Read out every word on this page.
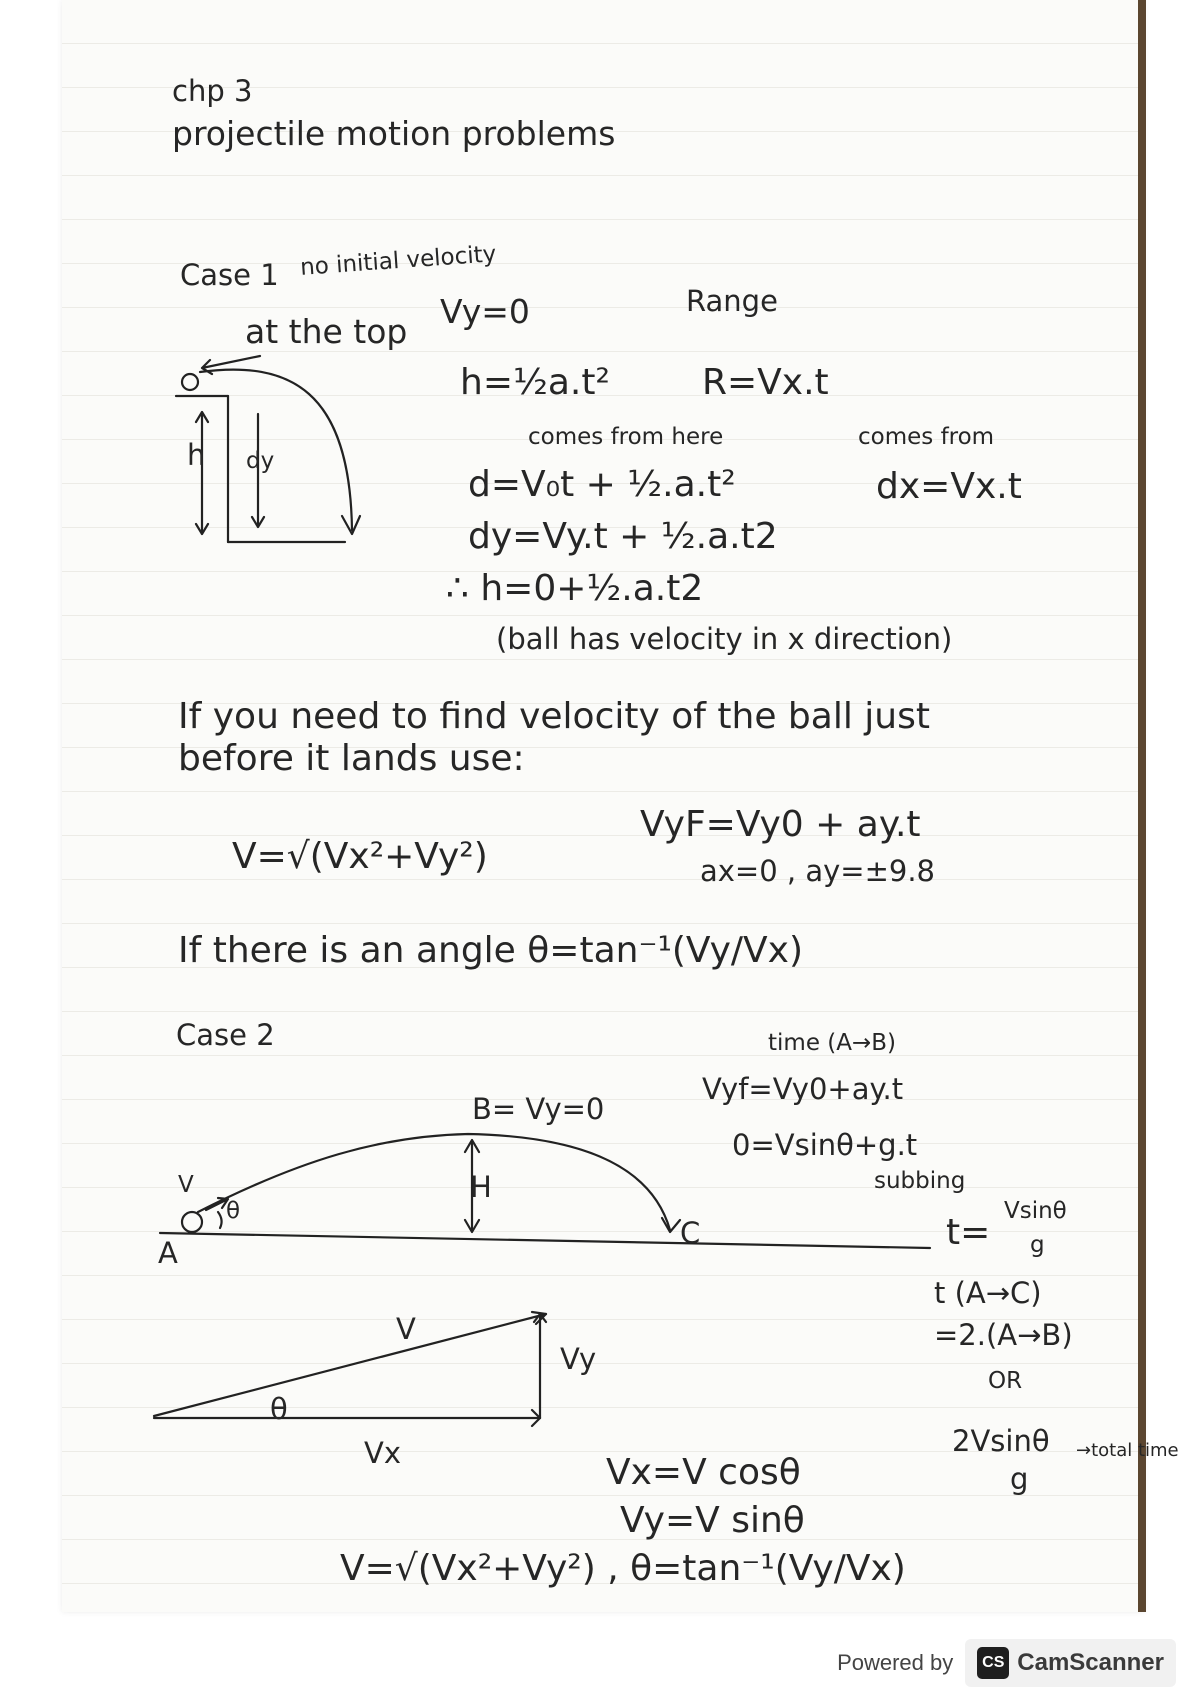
chp 3
projectile motion problems
Case 1 no initial velocity
at the top
Vy=0	Range
h=½a.t²	R=Vx.t
comes from here	comes from
d=V₀t + ½.a.t²	dx=Vx.t
dy=Vy.t + ½.a.t2
∴ h=0+½.a.t2
(ball has velocity in x direction)
h dy
If you need to find velocity of the ball just
before it lands use:
V=√(Vx²+Vy²)
VyF=Vy0 + ay.t
ax=0 , ay=±9.8
If there is an angle θ=tan⁻¹(Vy/Vx)
Case 2	time (A→B)
Vyf=Vy0+ay.t
0=Vsinθ+g.t
subbing
t=
Vsinθ
g
t (A→C)
=2.(A→B)
OR
2Vsinθ
g
→total time
B= Vy=0
H
A
C
V
θ
V
Vy
θ
Vx	Vx=V cosθ
Vy=V sinθ
V=√(Vx²+Vy²) , θ=tan⁻¹(Vy/Vx)
Powered by	CS CamScanner
